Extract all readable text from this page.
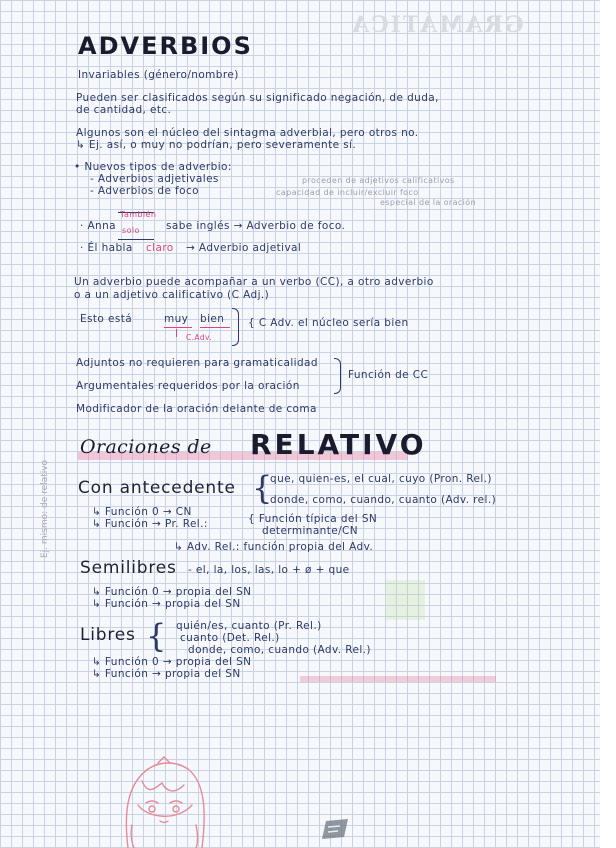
GRAMÁTICA
ADVERBIOS
Invariables (género/nombre)
Pueden ser clasificados según su significado negación, de duda,
de cantidad, etc.
Algunos son el núcleo del sintagma adverbial, pero otros no.
↳ Ej. así, o muy no podrían, pero severamente sí.
• Nuevos tipos de adverbio:
- Adverbios adjetivales
- Adverbios de foco
proceden de adjetivos calificativos
capacidad de incluir/excluir foco
especial de la oración
· Anna
También
solo sabe inglés → Adverbio de foco.
· Él habla claro → Adverbio adjetival
Un adverbio puede acompañar a un verbo (CC), a otro adverbio
o a un adjetivo calificativo (C Adj.)
Esto está	muy bien
C.Adv.
{ C Adv. el núcleo sería bien
Adjuntos no requieren para gramaticalidad
Argumentales requeridos por la oración
Función de CC
Modificador de la oración delante de coma
Oraciones de RELATIVO
Con antecedente {
que, quien-es, el cual, cuyo (Pron. Rel.)
donde, como, cuando, cuanto (Adv. rel.)
↳ Función 0 → CN
↳ Función → Pr. Rel.:	{ Función típica del SN
determinante/CN
↳ Adv. Rel.: función propia del Adv.
Semilibres - el, la, los, las, lo + ø + que
↳ Función 0 → propia del SN
↳ Función → propia del SN
Libres { quién/es, cuanto (Pr. Rel.)
cuanto (Det. Rel.)
donde, como, cuando (Adv. Rel.)
↳ Función 0 → propia del SN
↳ Función → propia del SN
Ej. mismo: de relativo
